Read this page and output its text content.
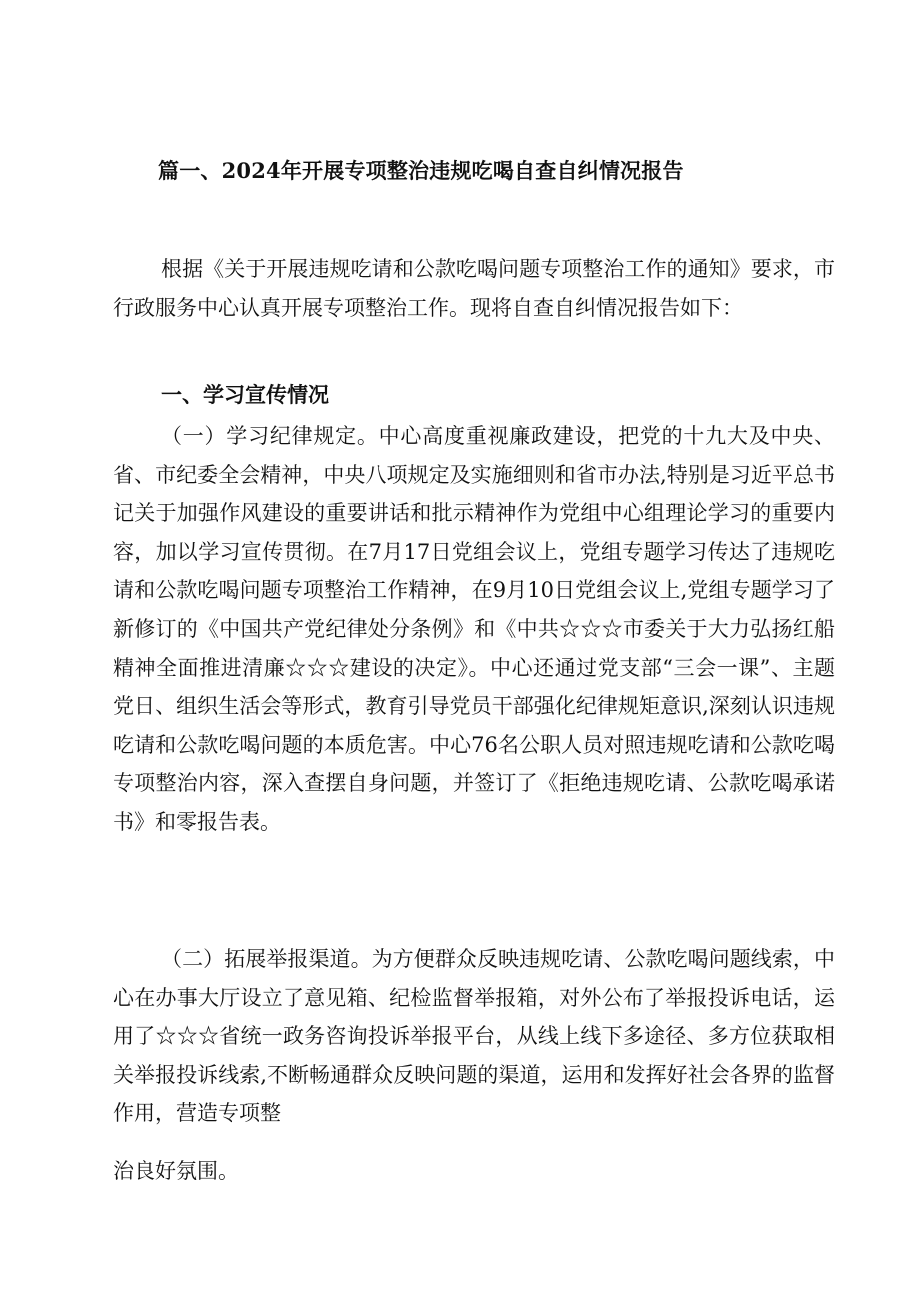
篇一、2024年开展专项整治违规吃喝自查自纠情况报告
根据《关于开展违规吃请和公款吃喝问题专项整治工作的通知》要求，市行政服务中心认真开展专项整治工作。现将自查自纠情况报告如下：
一、学习宣传情况
（一）学习纪律规定。中心高度重视廉政建设，把党的十九大及中央、省、市纪委全会精神，中央八项规定及实施细则和省市办法,特别是习近平总书记关于加强作风建设的重要讲话和批示精神作为党组中心组理论学习的重要内容，加以学习宣传贯彻。在7月17日党组会议上，党组专题学习传达了违规吃请和公款吃喝问题专项整治工作精神，在9月10日党组会议上,党组专题学习了新修订的《中国共产党纪律处分条例》和《中共☆☆☆市委关于大力弘扬红船精神全面推进清廉☆☆☆建设的决定》。中心还通过党支部“三会一课”、主题党日、组织生活会等形式，教育引导党员干部强化纪律规矩意识,深刻认识违规吃请和公款吃喝问题的本质危害。中心76名公职人员对照违规吃请和公款吃喝专项整治内容，深入查摆自身问题，并签订了《拒绝违规吃请、公款吃喝承诺书》和零报告表。
（二）拓展举报渠道。为方便群众反映违规吃请、公款吃喝问题线索，中心在办事大厅设立了意见箱、纪检监督举报箱，对外公布了举报投诉电话，运用了☆☆☆省统一政务咨询投诉举报平台，从线上线下多途径、多方位获取相关举报投诉线索,不断畅通群众反映问题的渠道，运用和发挥好社会各界的监督作用，营造专项整
治良好氛围。
